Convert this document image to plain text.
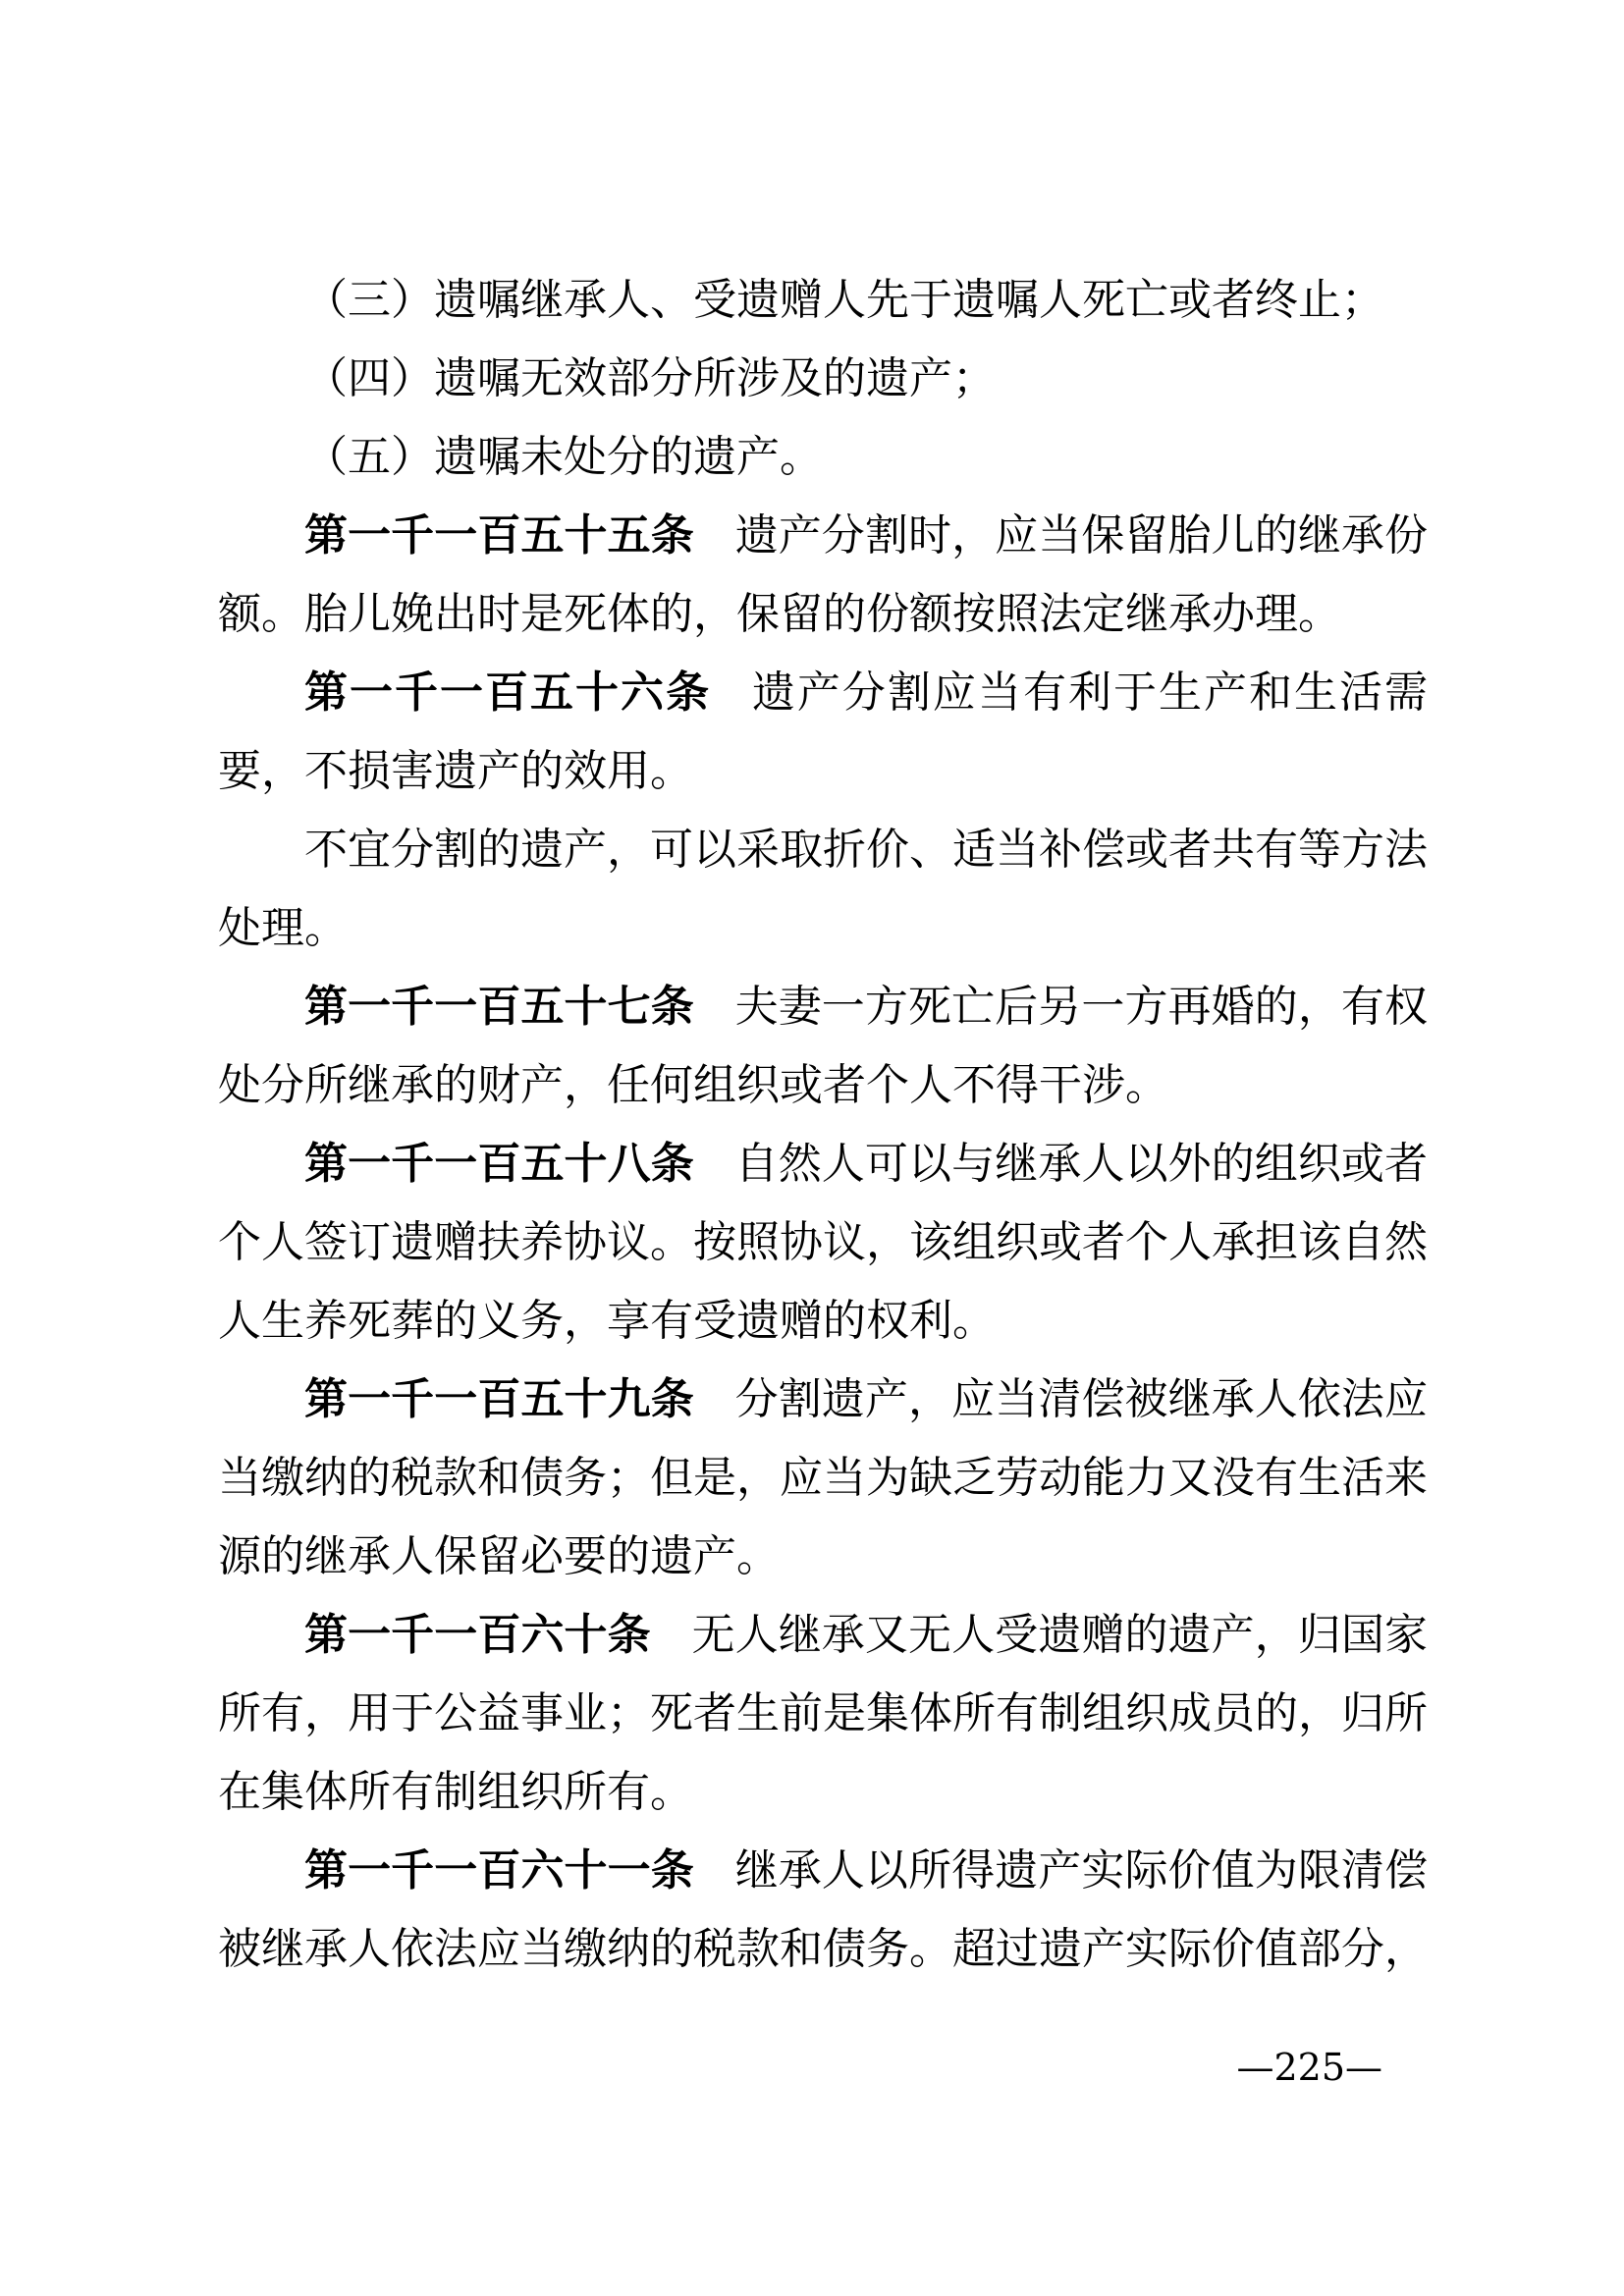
（三）遗嘱继承人、受遗赠人先于遗嘱人死亡或者终止；

（四）遗嘱无效部分所涉及的遗产；

（五）遗嘱未处分的遗产。

第一千一百五十五条 遗产分割时，应当保留胎儿的继承份额。胎儿娩出时是死体的，保留的份额按照法定继承办理。

第一千一百五十六条 遗产分割应当有利于生产和生活需要，不损害遗产的效用。

不宜分割的遗产，可以采取折价、适当补偿或者共有等方法处理。

第一千一百五十七条 夫妻一方死亡后另一方再婚的，有权处分所继承的财产，任何组织或者个人不得干涉。

第一千一百五十八条 自然人可以与继承人以外的组织或者个人签订遗赠扶养协议。按照协议，该组织或者个人承担该自然人生养死葬的义务，享有受遗赠的权利。

第一千一百五十九条 分割遗产，应当清偿被继承人依法应当缴纳的税款和债务；但是，应当为缺乏劳动能力又没有生活来源的继承人保留必要的遗产。

第一千一百六十条 无人继承又无人受遗赠的遗产，归国家所有，用于公益事业；死者生前是集体所有制组织成员的，归所在集体所有制组织所有。

第一千一百六十一条 继承人以所得遗产实际价值为限清偿被继承人依法应当缴纳的税款和债务。超过遗产实际价值部分，

—225—
